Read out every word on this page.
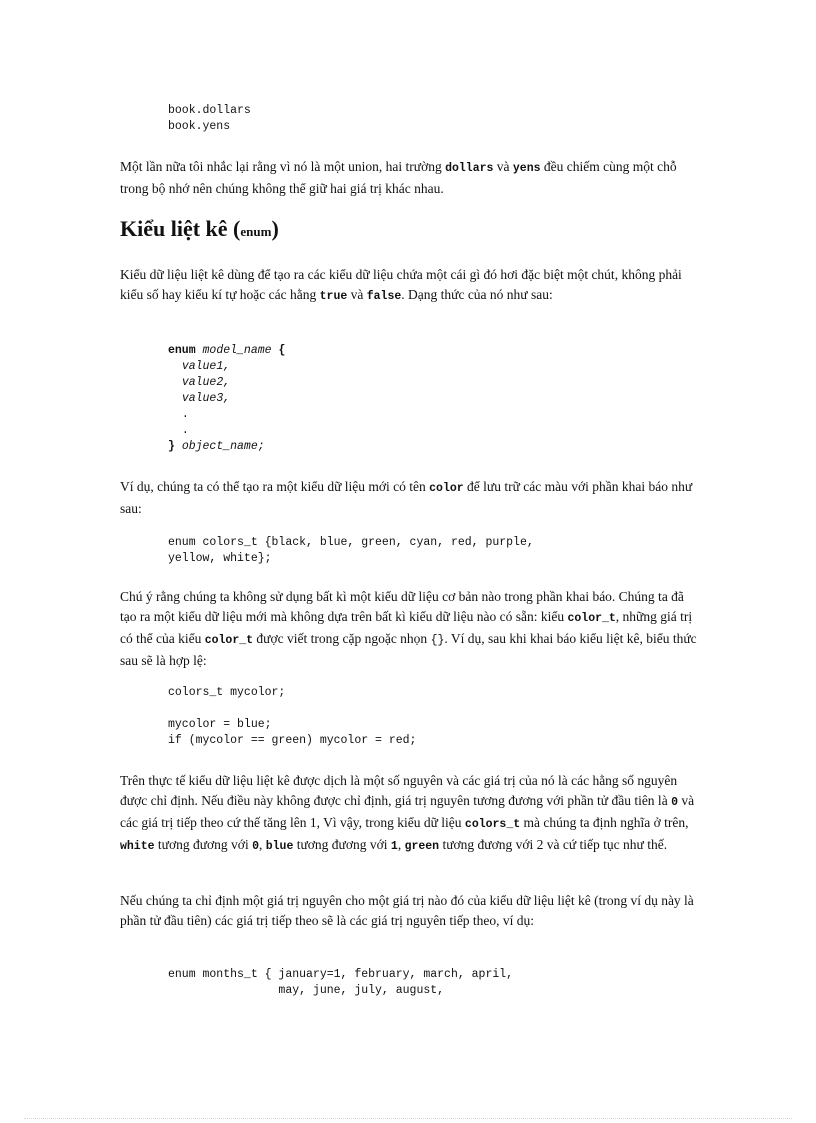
book.dollars
book.yens

Một lần nữa tôi nhắc lại rằng vì nó là một union, hai trường dollars và yens đều chiếm cùng một chỗ trong bộ nhớ nên chúng không thể giữ hai giá trị khác nhau.

Kiểu liệt kê (enum)

Kiểu dữ liệu liệt kê dùng để tạo ra các kiểu dữ liệu chứa một cái gì đó hơi đặc biệt một chút, không phải kiểu số hay kiểu kí tự hoặc các hằng true và false. Dạng thức của nó như sau:

enum model_name {
value1,
value2,
value3,
.
.
} object_name;

Ví dụ, chúng ta có thể tạo ra một kiểu dữ liệu mới có tên color để lưu trữ các màu với phần khai báo như sau:

enum colors_t {black, blue, green, cyan, red, purple,
yellow, white};

Chú ý rằng chúng ta không sử dụng bất kì một kiểu dữ liệu cơ bản nào trong phần khai báo. Chúng ta đã tạo ra một kiểu dữ liệu mới mà không dựa trên bất kì kiểu dữ liệu nào có sẵn: kiểu color_t, những giá trị có thể của kiểu color_t được viết trong cặp ngoặc nhọn {}. Ví dụ, sau khi khai báo kiểu liệt kê, biểu thức sau sẽ là hợp lệ:

colors_t mycolor;

mycolor = blue;
if (mycolor == green) mycolor = red;

Trên thực tế kiểu dữ liệu liệt kê được dịch là một số nguyên và các giá trị của nó là các hằng số nguyên được chỉ định. Nếu điều này không được chỉ định, giá trị nguyên tương đương với phần tử đầu tiên là 0 và các giá trị tiếp theo cứ thế tăng lên 1, Vì vậy, trong kiểu dữ liệu colors_t mà chúng ta định nghĩa ở trên, white tương đương với 0, blue tương đương với 1, green tương đương với 2 và cứ tiếp tục như thế.

Nếu chúng ta chỉ định một giá trị nguyên cho một giá trị nào đó của kiểu dữ liệu liệt kê (trong ví dụ này là phần tử đầu tiên) các giá trị tiếp theo sẽ là các giá trị nguyên tiếp theo, ví dụ:

enum months_t { january=1, february, march, april,
may, june, july, august,
